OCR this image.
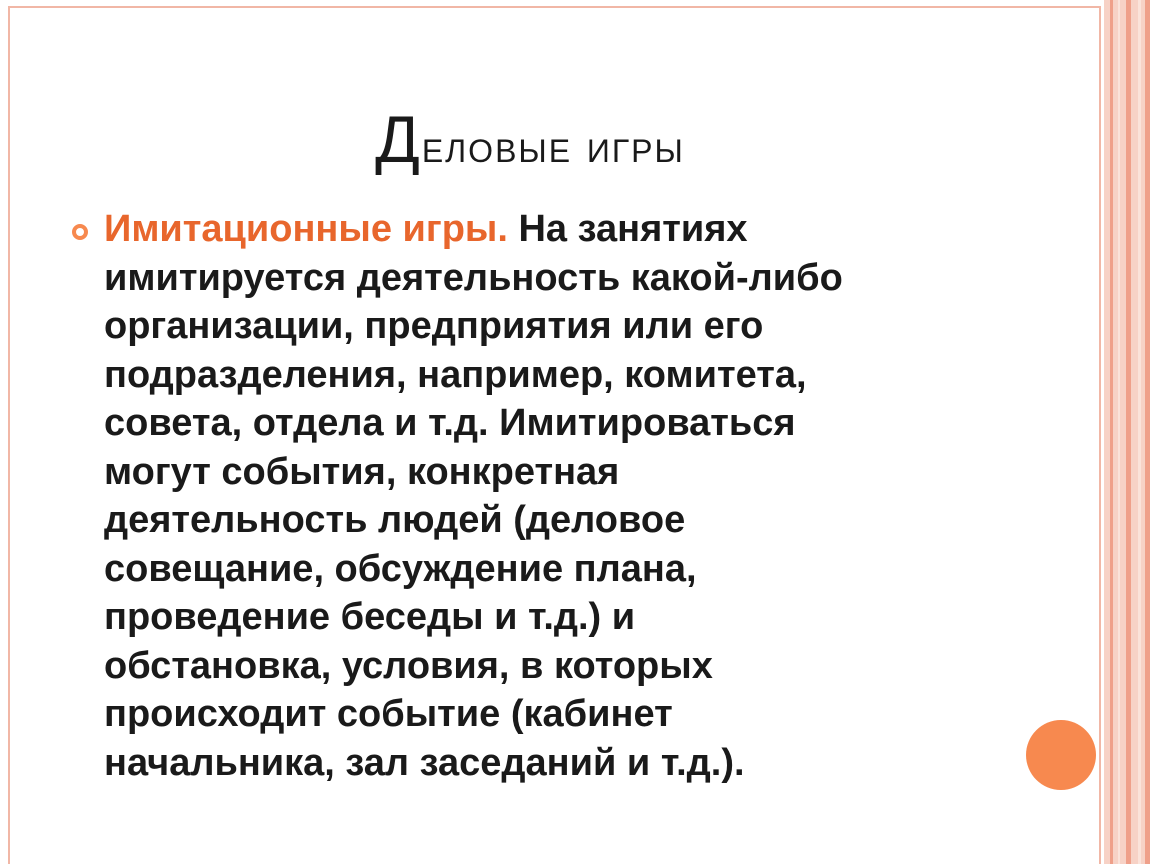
Деловые игры
Имитационные игры. На занятиях
имитируется деятельность какой-либо
организации, предприятия или его
подразделения, например, комитета,
совета, отдела и т.д. Имитироваться
могут события, конкретная
деятельность людей (деловое
совещание, обсуждение плана,
проведение беседы и т.д.) и
обстановка, условия, в которых
происходит событие (кабинет
начальника, зал заседаний и т.д.).
